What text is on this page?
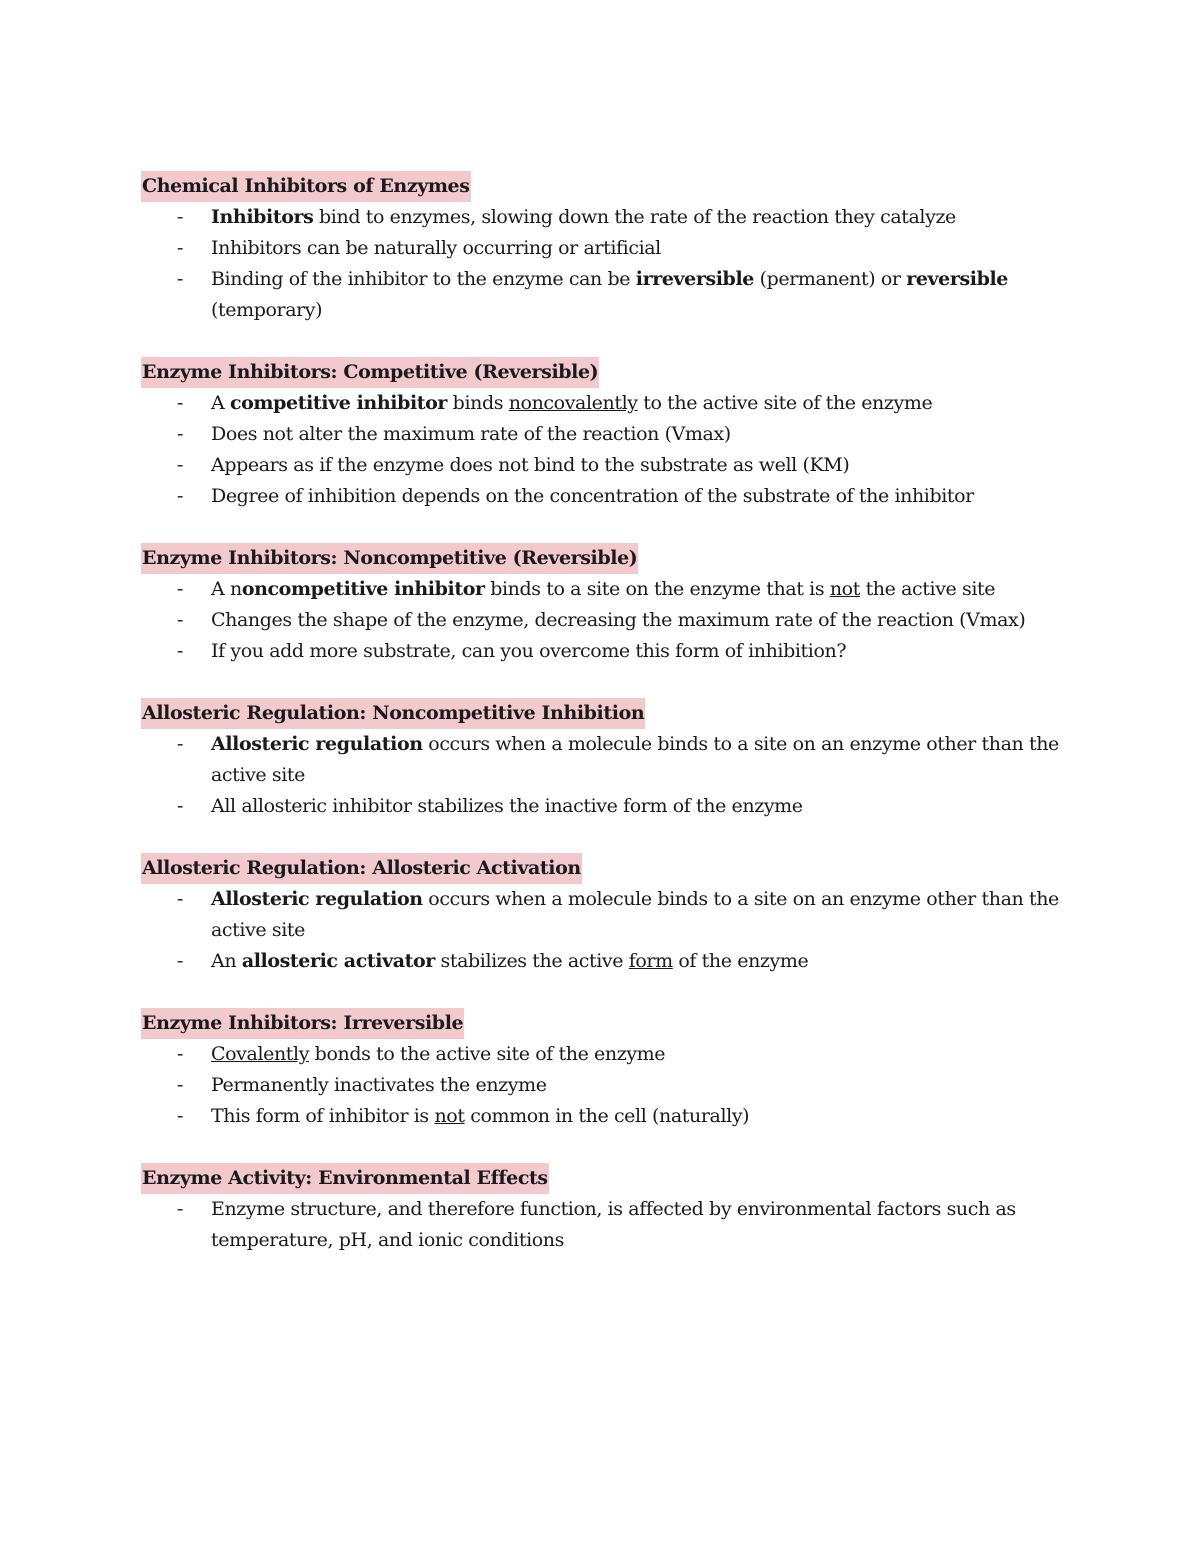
Chemical Inhibitors of Enzymes
- Inhibitors bind to enzymes, slowing down the rate of the reaction they catalyze
- Inhibitors can be naturally occurring or artificial
- Binding of the inhibitor to the enzyme can be irreversible (permanent) or reversible (temporary)
Enzyme Inhibitors: Competitive (Reversible)
- A competitive inhibitor binds noncovalently to the active site of the enzyme
- Does not alter the maximum rate of the reaction (Vmax)
- Appears as if the enzyme does not bind to the substrate as well (KM)
- Degree of inhibition depends on the concentration of the substrate of the inhibitor
Enzyme Inhibitors: Noncompetitive (Reversible)
- A noncompetitive inhibitor binds to a site on the enzyme that is not the active site
- Changes the shape of the enzyme, decreasing the maximum rate of the reaction (Vmax)
- If you add more substrate, can you overcome this form of inhibition?
Allosteric Regulation: Noncompetitive Inhibition
- Allosteric regulation occurs when a molecule binds to a site on an enzyme other than the active site
- All allosteric inhibitor stabilizes the inactive form of the enzyme
Allosteric Regulation: Allosteric Activation
- Allosteric regulation occurs when a molecule binds to a site on an enzyme other than the active site
- An allosteric activator stabilizes the active form of the enzyme
Enzyme Inhibitors: Irreversible
- Covalently bonds to the active site of the enzyme
- Permanently inactivates the enzyme
- This form of inhibitor is not common in the cell (naturally)
Enzyme Activity: Environmental Effects
- Enzyme structure, and therefore function, is affected by environmental factors such as temperature, pH, and ionic conditions
